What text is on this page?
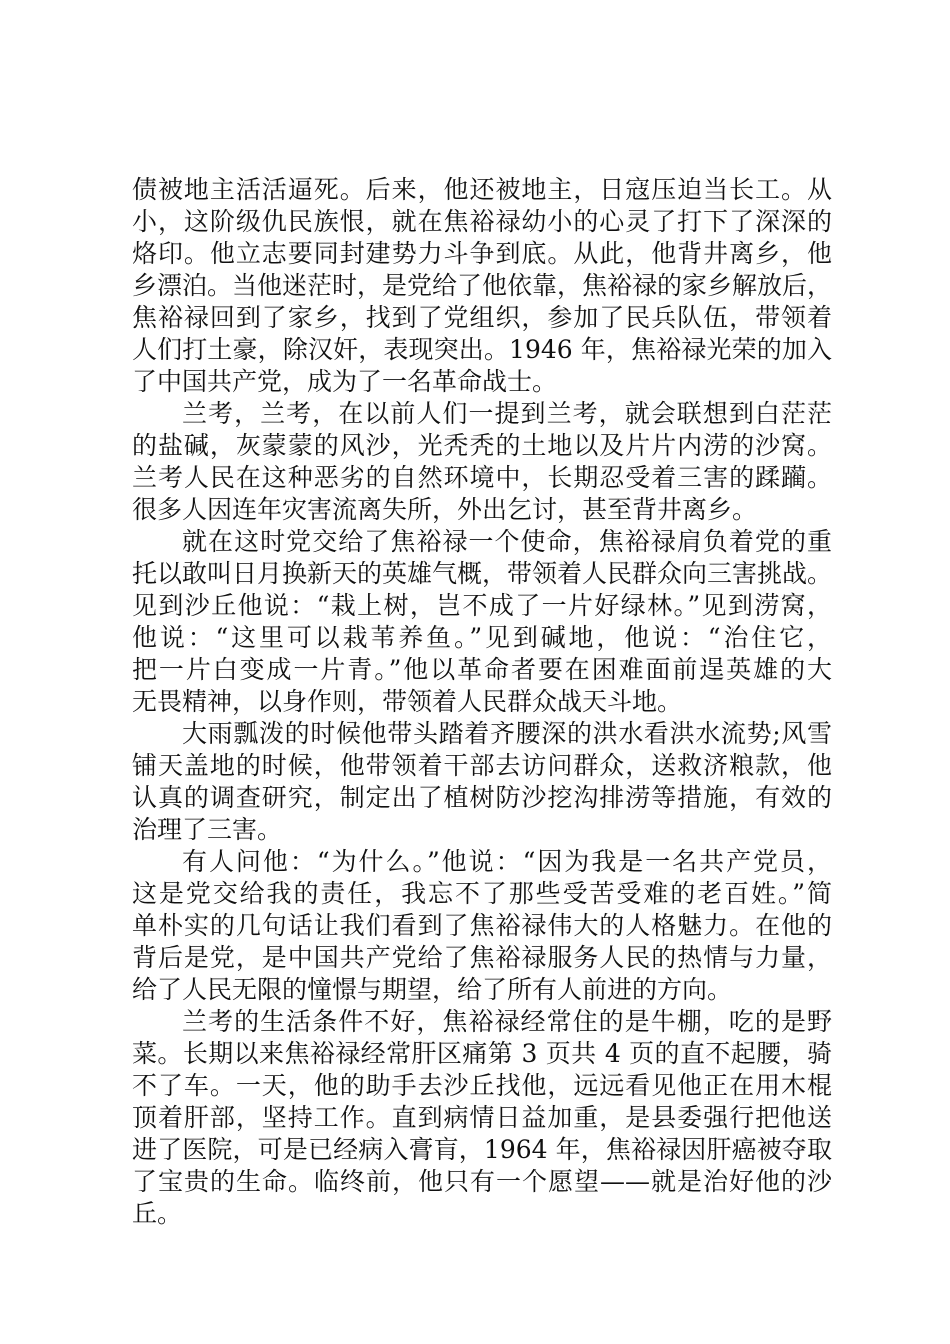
债被地主活活逼死。后来，他还被地主，日寇压迫当长工。从
小，这阶级仇民族恨，就在焦裕禄幼小的心灵了打下了深深的
烙印。他立志要同封建势力斗争到底。从此，他背井离乡，他
乡漂泊。当他迷茫时，是党给了他依靠，焦裕禄的家乡解放后，
焦裕禄回到了家乡，找到了党组织，参加了民兵队伍，带领着
人们打土豪，除汉奸，表现突出。1946 年，焦裕禄光荣的加入
了中国共产党，成为了一名革命战士。
兰考，兰考，在以前人们一提到兰考，就会联想到白茫茫
的盐碱，灰蒙蒙的风沙，光秃秃的土地以及片片内涝的沙窝。
兰考人民在这种恶劣的自然环境中，长期忍受着三害的蹂躏。
很多人因连年灾害流离失所，外出乞讨，甚至背井离乡。
就在这时党交给了焦裕禄一个使命，焦裕禄肩负着党的重
托以敢叫日月换新天的英雄气概，带领着人民群众向三害挑战。
见到沙丘他说：“栽上树，岂不成了一片好绿林。”见到涝窝，
他说：“这里可以栽苇养鱼。”见到碱地，他说：“治住它，
把一片白变成一片青。”他以革命者要在困难面前逞英雄的大
无畏精神，以身作则，带领着人民群众战天斗地。
大雨瓢泼的时候他带头踏着齐腰深的洪水看洪水流势;风雪
铺天盖地的时候，他带领着干部去访问群众，送救济粮款，他
认真的调查研究，制定出了植树防沙挖沟排涝等措施，有效的
治理了三害。
有人问他：“为什么。”他说：“因为我是一名共产党员，
这是党交给我的责任，我忘不了那些受苦受难的老百姓。”简
单朴实的几句话让我们看到了焦裕禄伟大的人格魅力。在他的
背后是党，是中国共产党给了焦裕禄服务人民的热情与力量，
给了人民无限的憧憬与期望，给了所有人前进的方向。
兰考的生活条件不好，焦裕禄经常住的是牛棚，吃的是野
菜。长期以来焦裕禄经常肝区痛第 3 页共 4 页的直不起腰，骑
不了车。一天，他的助手去沙丘找他，远远看见他正在用木棍
顶着肝部，坚持工作。直到病情日益加重，是县委强行把他送
进了医院，可是已经病入膏肓，1964 年，焦裕禄因肝癌被夺取
了宝贵的生命。临终前，他只有一个愿望——就是治好他的沙
丘。
